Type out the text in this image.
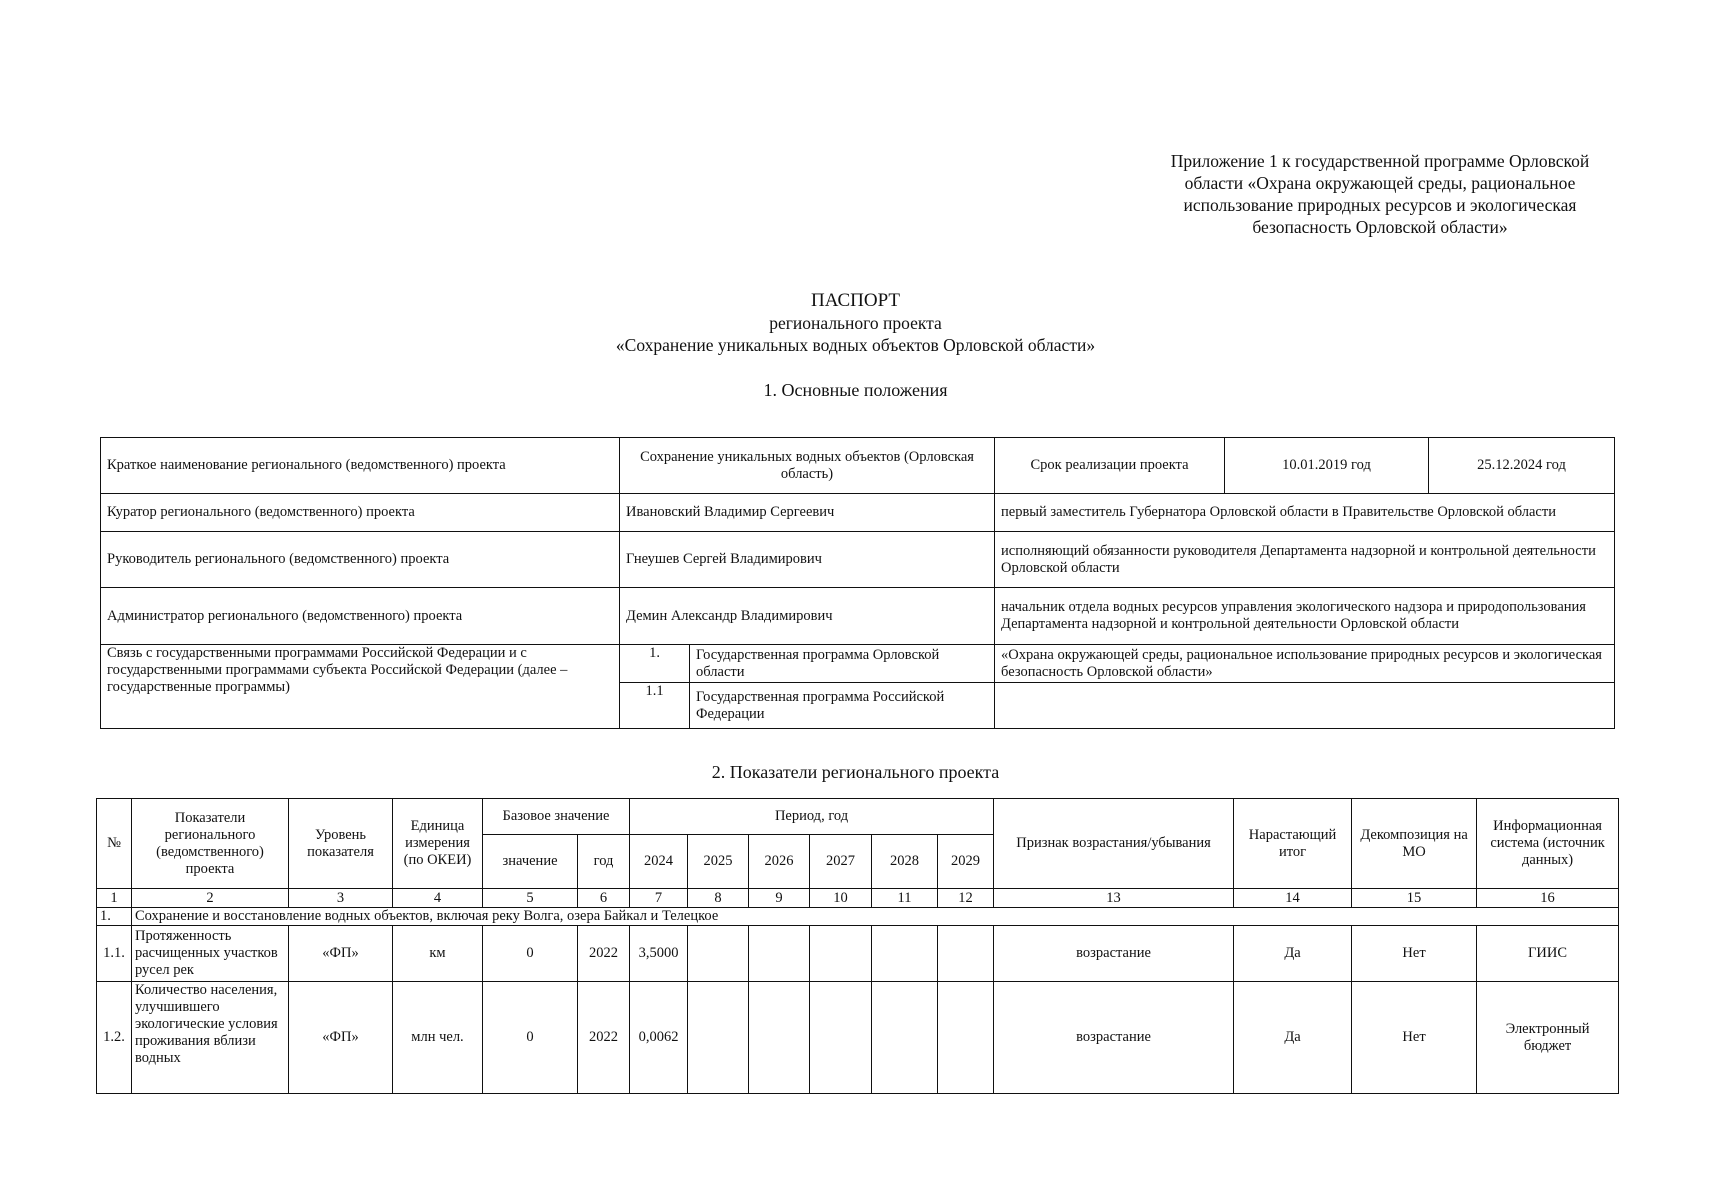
Приложение 1 к государственной программе Орловской
области «Охрана окружающей среды, рациональное
использование природных ресурсов и экологическая
безопасность Орловской области»
ПАСПОРТ
регионального проекта
«Сохранение уникальных водных объектов Орловской области»
1. Основные положения
Краткое наименование регионального (ведомственного) проекта	Сохранение уникальных водных объектов (Орловская область)		Срок реализации проекта	10.01.2019 год	25.12.2024 год
Куратор регионального (ведомственного) проекта	Ивановский Владимир Сергеевич		первый заместитель Губернатора Орловской области в Правительстве Орловской области		
Руководитель регионального (ведомственного) проекта	Гнеушев Сергей Владимирович		исполняющий обязанности руководителя Департамента надзорной и контрольной деятельности Орловской области		
Администратор регионального (ведомственного) проекта	Демин Александр Владимирович		начальник отдела водных ресурсов управления экологического надзора и природопользования Департамента надзорной и контрольной деятельности Орловской области		
Связь с государственными программами Российской Федерации и с государственными программами субъекта Российской Федерации (далее – государственные программы)	1.	Государственная программа Орловской области	«Охрана окружающей среды, рациональное использование природных ресурсов и экологическая безопасность Орловской области»		
	1.1	Государственная программа Российской Федерации			
2. Показатели регионального проекта
№	Показатели регионального (ведомственного) проекта	Уровень показателя	Единица измерения (по ОКЕИ)	Базовое значение		Период, год						Признак возрастания/убывания	Нарастающий итог	Декомпозиция на МО	Информационная система (источник данных)
				значение	год	2024	2025	2026	2027	2028	2029				
1	2	3	4	5	6	7	8	9	10	11	12	13	14	15	16
1.	Сохранение и восстановление водных объектов, включая реку Волга, озера Байкал и Телецкое														
1.1.	Протяженность расчищенных участков русел рек	«ФП»	км	0	2022	3,5000						возрастание	Да	Нет	ГИИС
1.2.	Количество населения, улучшившего экологические условия проживания вблизи водных	«ФП»	млн чел.	0	2022	0,0062						возрастание	Да	Нет	Электронный бюджет
